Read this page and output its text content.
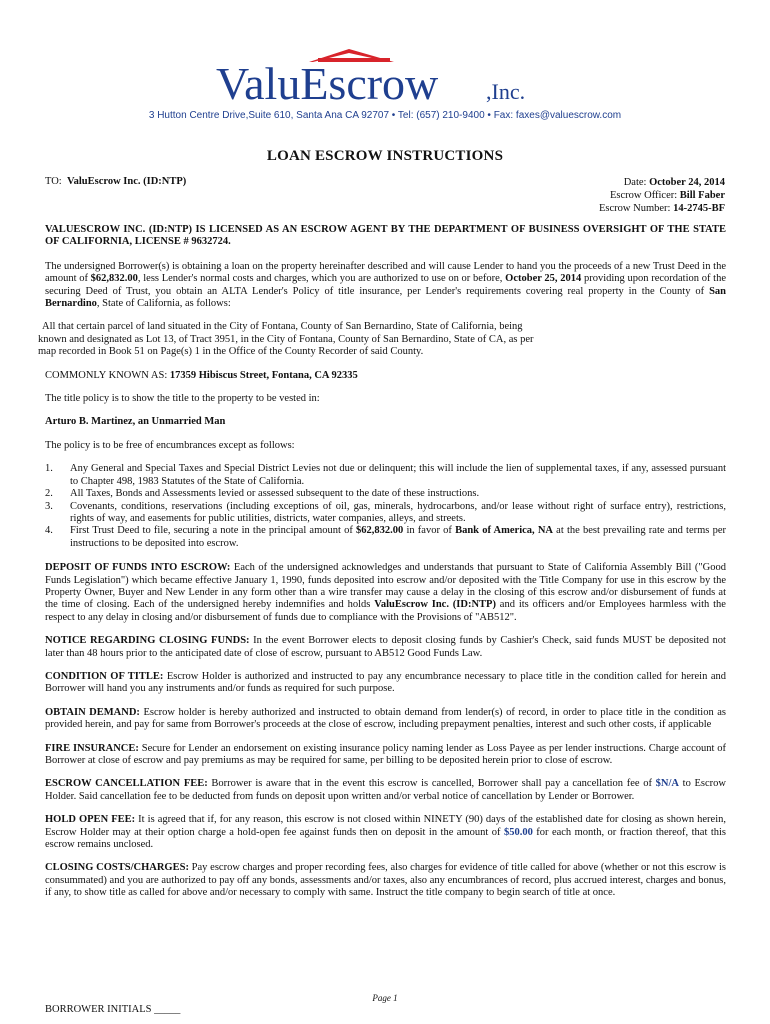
ValuEscrow ,Inc.
3 Hutton Centre Drive,Suite 610, Santa Ana CA 92707 • Tel: (657) 210-9400 • Fax: faxes@valuescrow.com
LOAN ESCROW INSTRUCTIONS
TO: ValuEscrow Inc. (ID:NTP)	Date: October 24, 2014
Escrow Officer: Bill Faber
Escrow Number: 14-2745-BF

VALUESCROW INC. (ID:NTP) IS LICENSED AS AN ESCROW AGENT BY THE DEPARTMENT OF BUSINESS OVERSIGHT OF THE STATE OF CALIFORNIA, LICENSE # 9632724.

The undersigned Borrower(s) is obtaining a loan on the property hereinafter described and will cause Lender to hand you the proceeds of a new Trust Deed in the amount of $62,832.00, less Lender's normal costs and charges, which you are authorized to use on or before, October 25, 2014 providing upon recordation of the securing Deed of Trust, you obtain an ALTA Lender's Policy of title insurance, per Lender's requirements covering real property in the County of San Bernardino, State of California, as follows:

All that certain parcel of land situated in the City of Fontana, County of San Bernardino, State of California, being
known and designated as Lot 13, of Tract 3951, in the City of Fontana, County of San Bernardino, State of CA, as per
map recorded in Book 51 on Page(s) 1 in the Office of the County Recorder of said County.

COMMONLY KNOWN AS: 17359 Hibiscus Street, Fontana, CA 92335

The title policy is to show the title to the property to be vested in:

Arturo B. Martinez, an Unmarried Man

The policy is to be free of encumbrances except as follows:

1. Any General and Special Taxes and Special District Levies not due or delinquent; this will include the lien of supplemental taxes, if any, assessed pursuant to Chapter 498, 1983 Statutes of the State of California.
2. All Taxes, Bonds and Assessments levied or assessed subsequent to the date of these instructions.
3. Covenants, conditions, reservations (including exceptions of oil, gas, minerals, hydrocarbons, and/or lease without right of surface entry), restrictions, rights of way, and easements for public utilities, districts, water companies, alleys, and streets.
4. First Trust Deed to file, securing a note in the principal amount of $62,832.00 in favor of Bank of America, NA at the best prevailing rate and terms per instructions to be deposited into escrow.

DEPOSIT OF FUNDS INTO ESCROW: Each of the undersigned acknowledges and understands that pursuant to State of California Assembly Bill ("Good Funds Legislation") which became effective January 1, 1990, funds deposited into escrow and/or deposited with the Title Company for use in this escrow by the Property Owner, Buyer and New Lender in any form other than a wire transfer may cause a delay in the closing of this escrow and/or disbursement of funds at the time of closing. Each of the undersigned hereby indemnifies and holds ValuEscrow Inc. (ID:NTP) and its officers and/or Employees harmless with the respect to any delay in closing and/or disbursement of funds due to compliance with the Provisions of "AB512".

NOTICE REGARDING CLOSING FUNDS: In the event Borrower elects to deposit closing funds by Cashier's Check, said funds MUST be deposited not later than 48 hours prior to the anticipated date of close of escrow, pursuant to AB512 Good Funds Law.

CONDITION OF TITLE: Escrow Holder is authorized and instructed to pay any encumbrance necessary to place title in the condition called for herein and Borrower will hand you any instruments and/or funds as required for such purpose.

OBTAIN DEMAND: Escrow holder is hereby authorized and instructed to obtain demand from lender(s) of record, in order to place title in the condition as provided herein, and pay for same from Borrower's proceeds at the close of escrow, including prepayment penalties, interest and such other costs, if applicable

FIRE INSURANCE: Secure for Lender an endorsement on existing insurance policy naming lender as Loss Payee as per lender instructions. Charge account of Borrower at close of escrow and pay premiums as may be required for same, per billing to be deposited herein prior to close of escrow.

ESCROW CANCELLATION FEE: Borrower is aware that in the event this escrow is cancelled, Borrower shall pay a cancellation fee of $N/A to Escrow Holder. Said cancellation fee to be deducted from funds on deposit upon written and/or verbal notice of cancellation by Lender or Borrower.

HOLD OPEN FEE: It is agreed that if, for any reason, this escrow is not closed within NINETY (90) days of the established date for closing as shown herein, Escrow Holder may at their option charge a hold-open fee against funds then on deposit in the amount of $50.00 for each month, or fraction thereof, that this escrow remains unclosed.

CLOSING COSTS/CHARGES: Pay escrow charges and proper recording fees, also charges for evidence of title called for above (whether or not this escrow is consummated) and you are authorized to pay off any bonds, assessments and/or taxes, also any encumbrances of record, plus accrued interest, charges and bonus, if any, to show title as called for above and/or necessary to comply with same. Instruct the title company to begin search of title at once.

Page 1
BORROWER INITIALS _____
